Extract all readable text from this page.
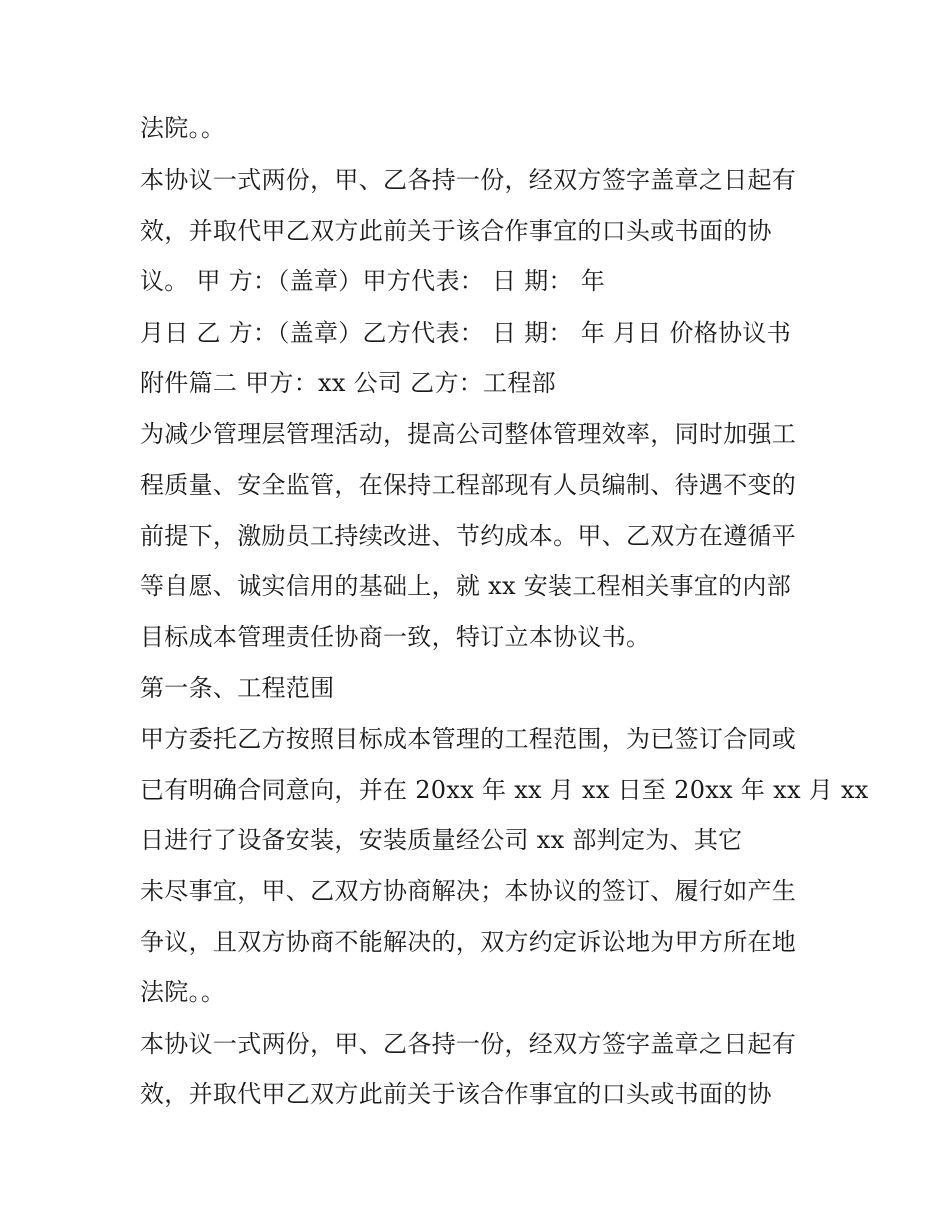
法院。。

本协议一式两份，甲、乙各持一份，经双方签字盖章之日起有

效，并取代甲乙双方此前关于该合作事宜的口头或书面的协

议。 甲 方：（盖章）甲方代表： 日 期： 年

月日 乙 方：（盖章）乙方代表： 日 期： 年 月日 价格协议书

附件篇二 甲方：xx 公司 乙方：工程部

为减少管理层管理活动，提高公司整体管理效率，同时加强工

程质量、安全监管，在保持工程部现有人员编制、待遇不变的

前提下，激励员工持续改进、节约成本。甲、乙双方在遵循平

等自愿、诚实信用的基础上，就 xx 安装工程相关事宜的内部

目标成本管理责任协商一致，特订立本协议书。

第一条、工程范围

甲方委托乙方按照目标成本管理的工程范围，为已签订合同或

已有明确合同意向，并在 20xx 年 xx 月 xx 日至 20xx 年 xx 月 xx

日进行了设备安装，安装质量经公司 xx 部判定为、其它

未尽事宜，甲、乙双方协商解决；本协议的签订、履行如产生

争议，且双方协商不能解决的，双方约定诉讼地为甲方所在地

法院。。

本协议一式两份，甲、乙各持一份，经双方签字盖章之日起有

效，并取代甲乙双方此前关于该合作事宜的口头或书面的协
